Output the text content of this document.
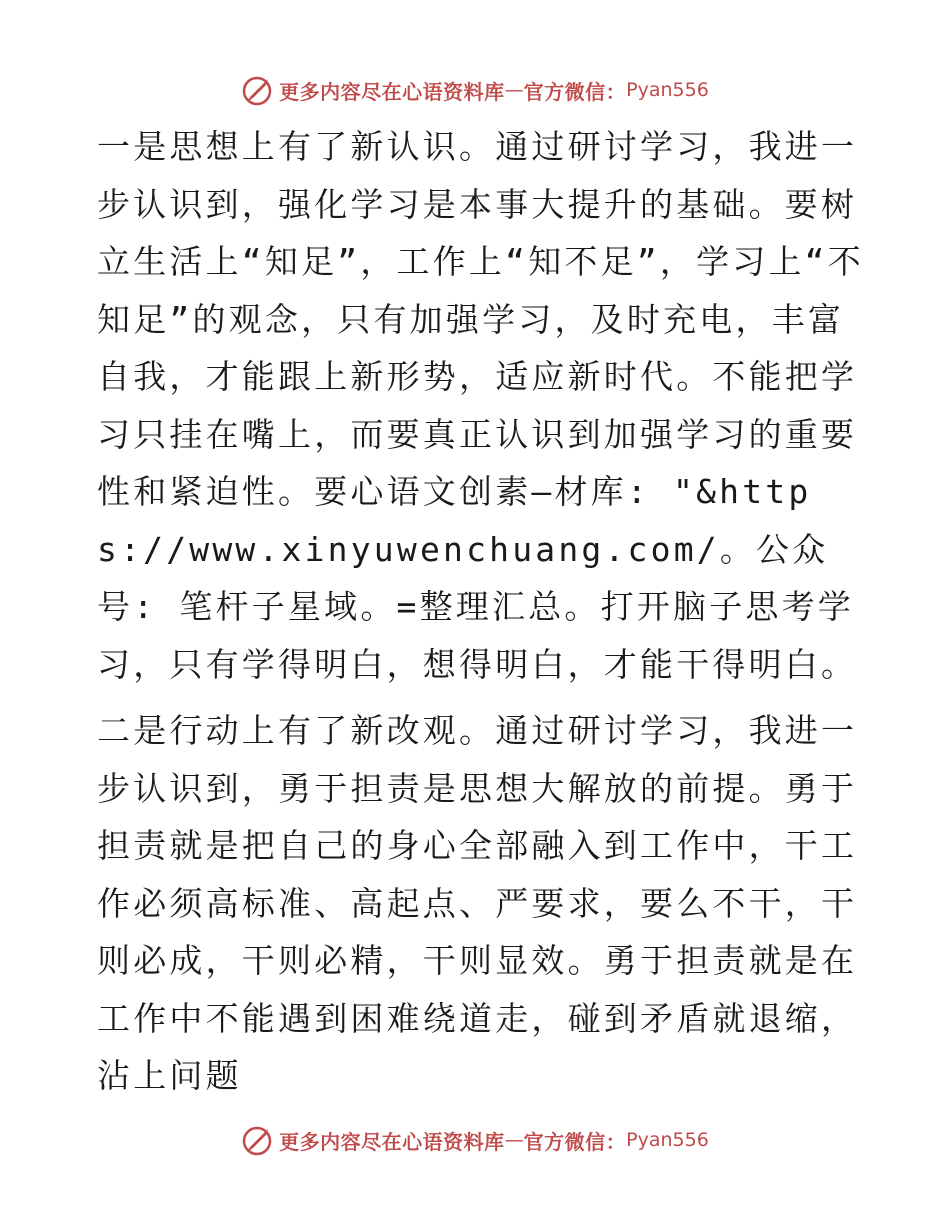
更多内容尽在心语资料库 — 官方微信： Pyan556

一是思想上有了新认识。通过研讨学习，我进一步认识到，强化学习是本事大提升的基础。要树立生活上“知足”，工作上“知不足”，学习上“不知足”的观念，只有加强学习，及时充电，丰富自我，才能跟上新形势，适应新时代。不能把学习只挂在嘴上，而要真正认识到加强学习的重要性和紧迫性。要心语文创素—材库: "&https://www.xinyuwenchuang.com/。公众号: 笔杆子星域。=整理汇总。打开脑子思考学习，只有学得明白，想得明白，才能干得明白。

二是行动上有了新改观。通过研讨学习，我进一步认识到，勇于担责是思想大解放的前提。勇于担责就是把自己的身心全部融入到工作中，干工作必须高标准、高起点、严要求，要么不干，干则必成，干则必精，干则显效。勇于担责就是在工作中不能遇到困难绕道走，碰到矛盾就退缩，沾上问题

更多内容尽在心语资料库 — 官方微信： Pyan556
